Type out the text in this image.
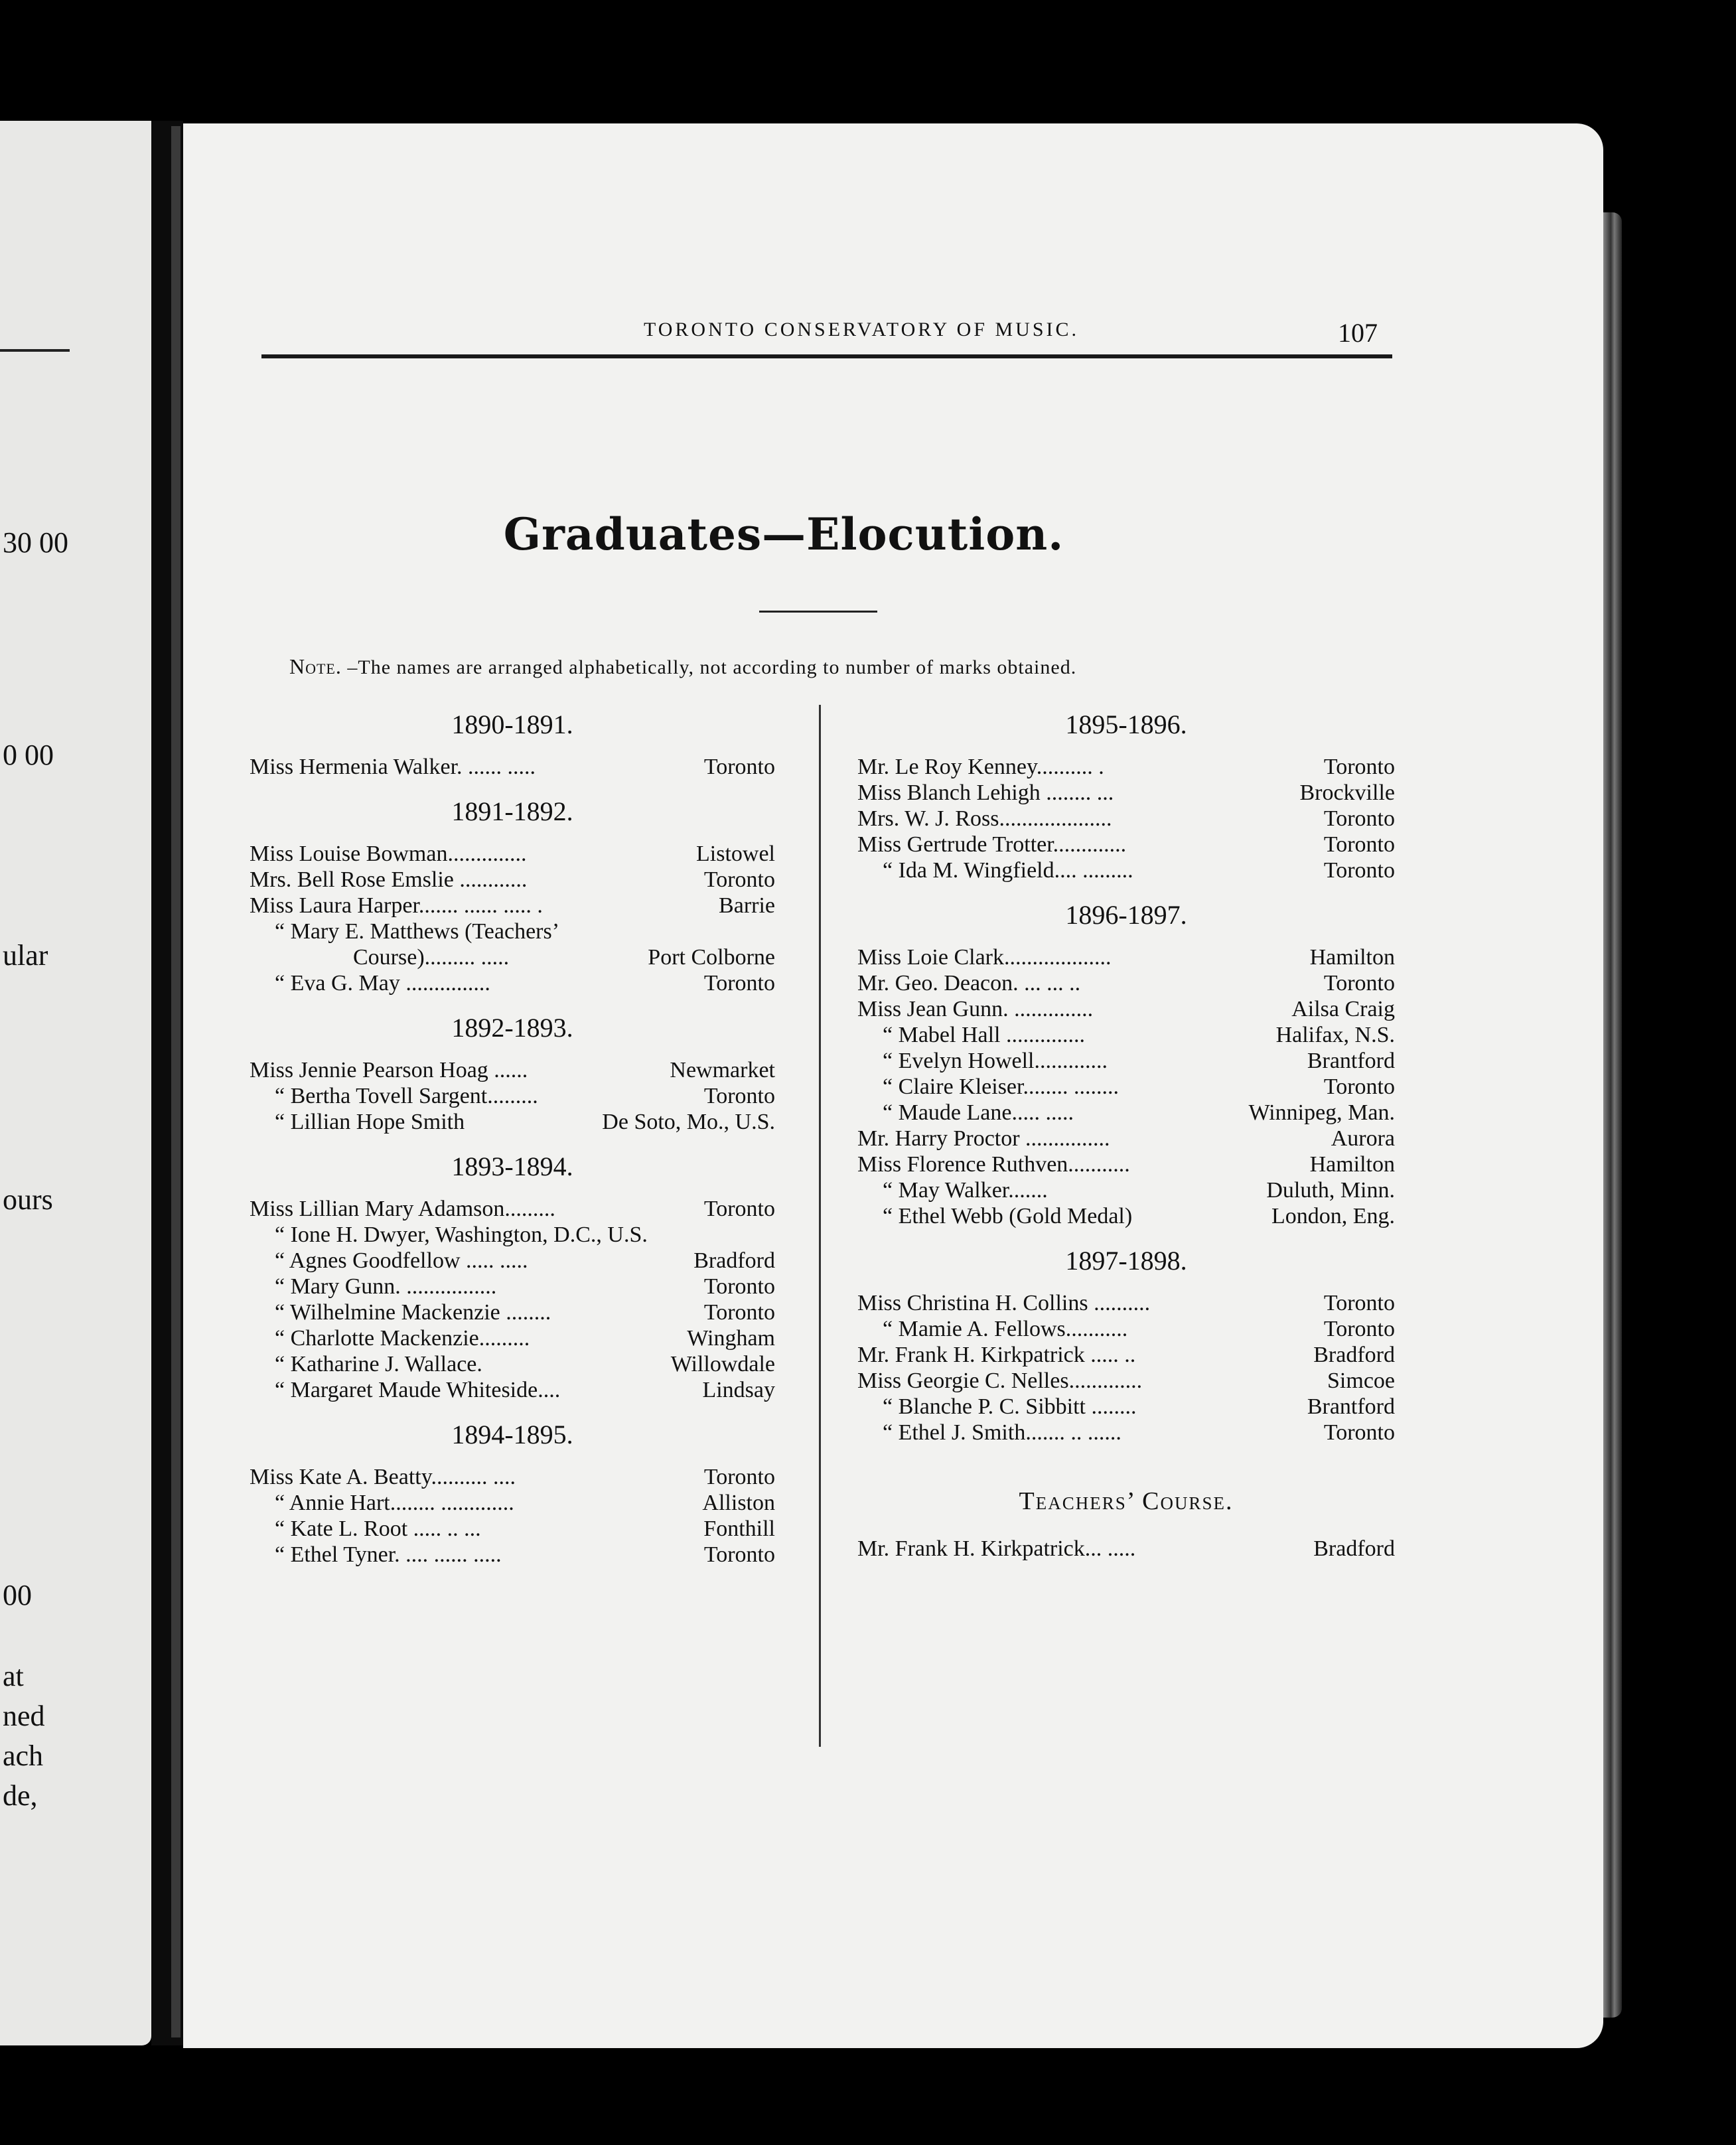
30 00
0 00
ular
ours
00
at
ned
ach
de,
TORONTO CONSERVATORY OF MUSIC.	107
Graduates—Elocution.
Note. –The names are arranged alphabetically, not according to number of marks obtained.
1890-1891.
Miss Hermenia Walker. ...... .....	Toronto
1891-1892.
Miss Louise Bowman..............	Listowel
Mrs. Bell Rose Emslie ............	Toronto
Miss Laura Harper....... ...... ..... .	Barrie
“ Mary E. Matthews (Teachers’
Course)......... .....	Port Colborne
“ Eva G. May ...............	Toronto
1892-1893.
Miss Jennie Pearson Hoag ......	Newmarket
“ Bertha Tovell Sargent.........	Toronto
“ Lillian Hope Smith	De Soto, Mo., U.S.
1893-1894.
Miss Lillian Mary Adamson.........	Toronto
“ Ione H. Dwyer, Washington, D.C., U.S.
“ Agnes Goodfellow ..... .....	Bradford
“ Mary Gunn. ................	Toronto
“ Wilhelmine Mackenzie ........	Toronto
“ Charlotte Mackenzie.........	Wingham
“ Katharine J. Wallace.	Willowdale
“ Margaret Maude Whiteside....	Lindsay
1894-1895.
Miss Kate A. Beatty.......... ....	Toronto
“ Annie Hart........ .............	Alliston
“ Kate L. Root ..... .. ...	Fonthill
“ Ethel Tyner. .... ...... .....	Toronto
1895-1896.
Mr. Le Roy Kenney.......... .	Toronto
Miss Blanch Lehigh ........ ...	Brockville
Mrs. W. J. Ross....................	Toronto
Miss Gertrude Trotter.............	Toronto
“ Ida M. Wingfield.... .........	Toronto
1896-1897.
Miss Loie Clark...................	Hamilton
Mr. Geo. Deacon. ... ... ..	Toronto
Miss Jean Gunn. ..............	Ailsa Craig
“ Mabel Hall ..............	Halifax, N.S.
“ Evelyn Howell.............	Brantford
“ Claire Kleiser........ ........	Toronto
“ Maude Lane..... .....	Winnipeg, Man.
Mr. Harry Proctor ...............	Aurora
Miss Florence Ruthven...........	Hamilton
“ May Walker.......	Duluth, Minn.
“ Ethel Webb (Gold Medal)	London, Eng.
1897-1898.
Miss Christina H. Collins ..........	Toronto
“ Mamie A. Fellows...........	Toronto
Mr. Frank H. Kirkpatrick ..... ..	Bradford
Miss Georgie C. Nelles.............	Simcoe
“ Blanche P. C. Sibbitt ........	Brantford
“ Ethel J. Smith....... .. ......	Toronto
Teachers’ Course.
Mr. Frank H. Kirkpatrick... .....	Bradford
